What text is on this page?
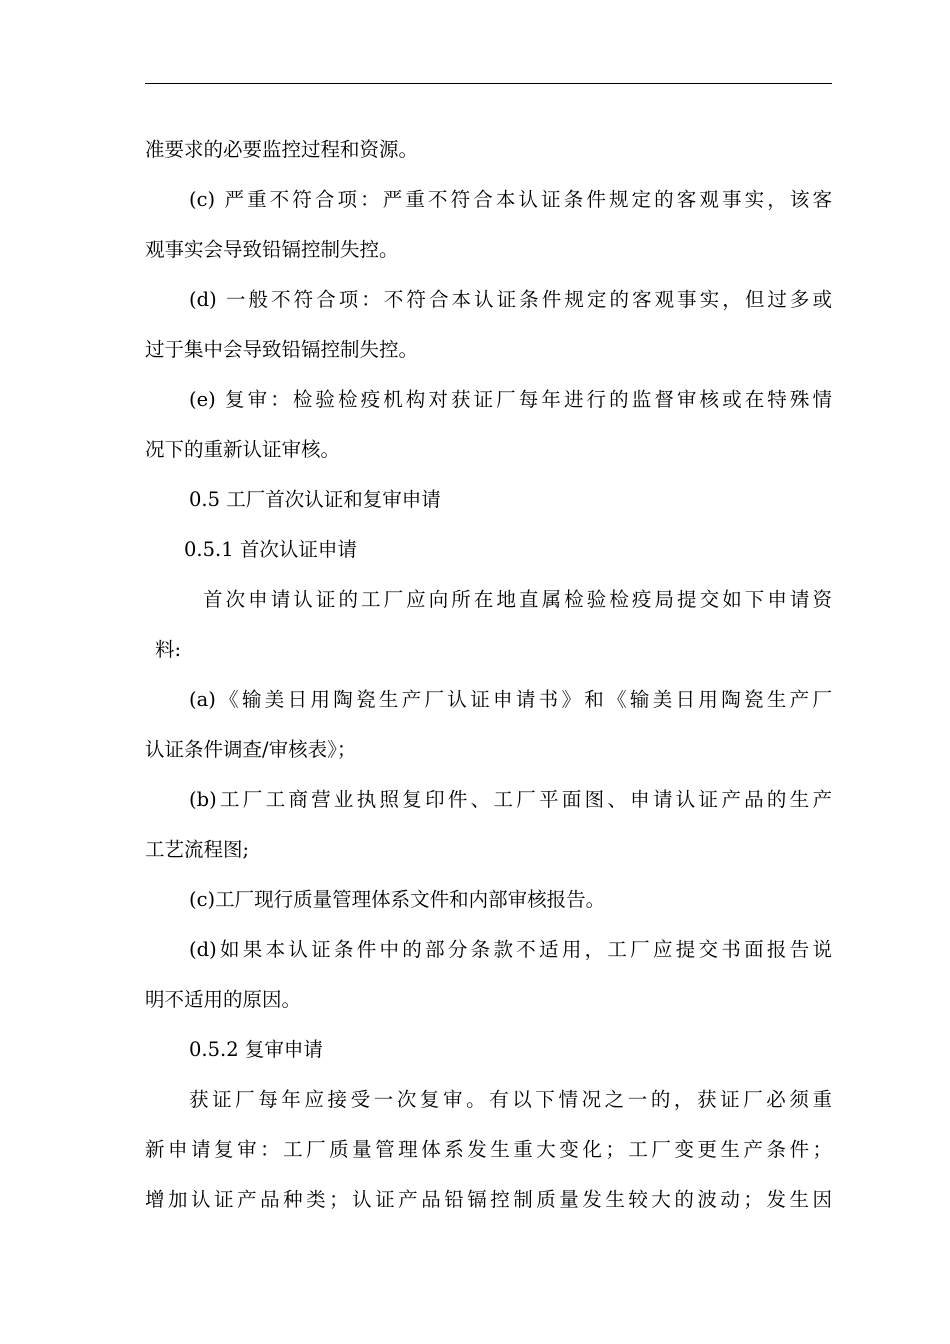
准要求的必要监控过程和资源。
(c) 严重不符合项：严重不符合本认证条件规定的客观事实，该客
观事实会导致铅镉控制失控。
(d) 一般不符合项：不符合本认证条件规定的客观事实，但过多或
过于集中会导致铅镉控制失控。
(e) 复审：检验检疫机构对获证厂每年进行的监督审核或在特殊情
况下的重新认证审核。
0.5 工厂首次认证和复审申请
0.5.1 首次认证申请
首次申请认证的工厂应向所在地直属检验检疫局提交如下申请资
料:
(a)《输美日用陶瓷生产厂认证申请书》和《输美日用陶瓷生产厂
认证条件调查/审核表》；
(b)工厂工商营业执照复印件、工厂平面图、申请认证产品的生产
工艺流程图;
(c)工厂现行质量管理体系文件和内部审核报告。
(d)如果本认证条件中的部分条款不适用，工厂应提交书面报告说
明不适用的原因。
0.5.2 复审申请
获证厂每年应接受一次复审。有以下情况之一的，获证厂必须重
新申请复审：工厂质量管理体系发生重大变化；工厂变更生产条件；
增加认证产品种类；认证产品铅镉控制质量发生较大的波动；发生因
